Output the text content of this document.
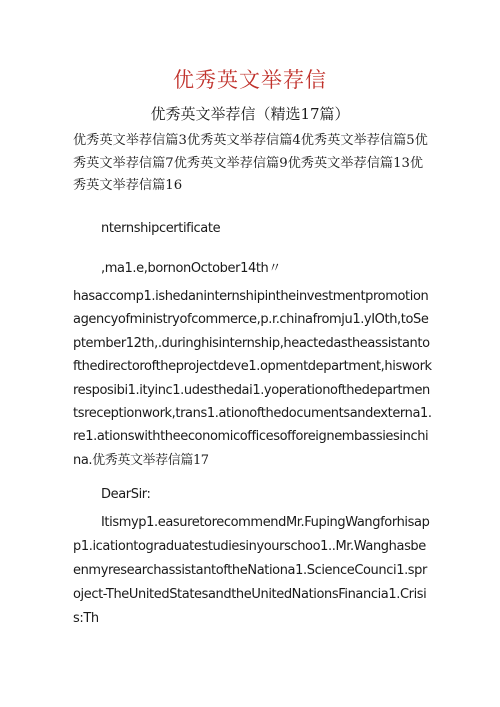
优秀英文举荐信
优秀英文举荐信（精选17篇）

优秀英文举荐信篇3优秀英文举荐信篇4优秀英文举荐信篇5优秀英文举荐信篇7优秀英文举荐信篇9优秀英文举荐信篇13优秀英文举荐信篇16

nternshipcertificate

,ma1.e,bornonOctober14th〃

hasaccomp1.ishedaninternshipintheinvestmentpromotionagencyofministryofcommerce,p.r.chinafromju1.yIOth,toSeptember12th,.duringhisinternship,heactedastheassistantofthedirectoroftheprojectdeve1.opmentdepartment,hisworkresposibi1.ityinc1.udesthedai1.yoperationofthedepartmentsreceptionwork,trans1.ationofthedocumentsandexterna1.re1.ationswiththeeconomicofficesofforeignembassiesinchina.优秀英文举荐信篇17

DearSir:

Itismyp1.easuretorecommendMr.FupingWangforhisapp1.icationtograduatestudiesinyourschoo1..Mr.WanghasbeenmyresearchassistantoftheNationa1.ScienceCounci1.sproject-TheUnitedStatesandtheUnitedNationsFinancia1.Crisis:Th
